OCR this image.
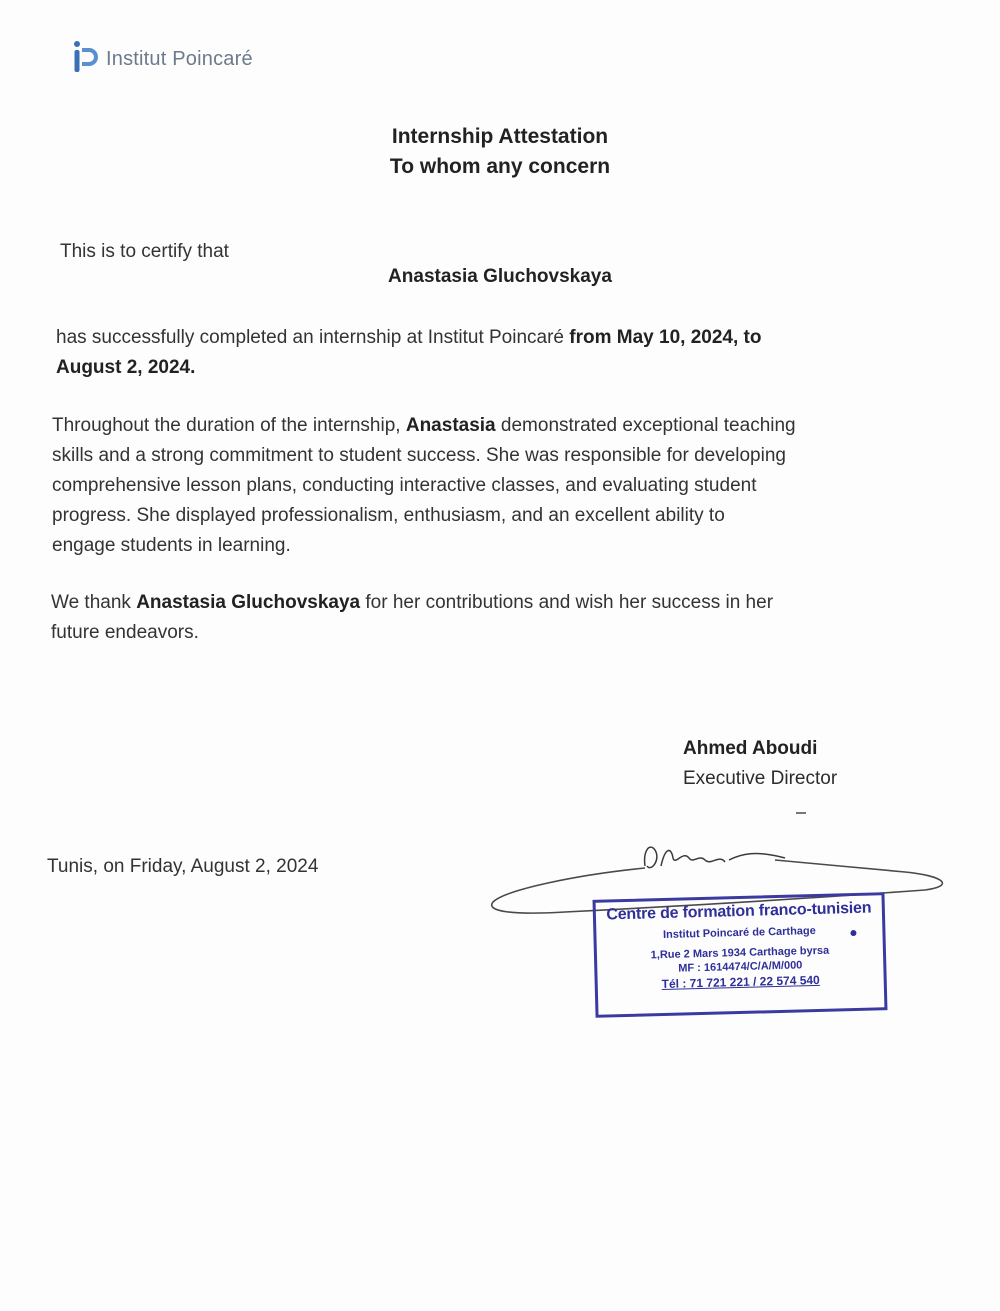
Institut Poincaré
Internship Attestation
To whom any concern
This is to certify that
Anastasia Gluchovskaya
has successfully completed an internship at Institut Poincaré from May 10, 2024, to
August 2, 2024.
Throughout the duration of the internship, Anastasia demonstrated exceptional teaching
skills and a strong commitment to student success. She was responsible for developing
comprehensive lesson plans, conducting interactive classes, and evaluating student
progress. She displayed professionalism, enthusiasm, and an excellent ability to
engage students in learning.
We thank Anastasia Gluchovskaya for her contributions and wish her success in her
future endeavors.
Ahmed Aboudi
Executive Director
Tunis, on Friday, August 2, 2024
Centre de formation franco-tunisien
Institut Poincaré de Carthage
1,Rue 2 Mars 1934 Carthage byrsa
MF : 1614474/C/A/M/000
Tél : 71 721 221 / 22 574 540
